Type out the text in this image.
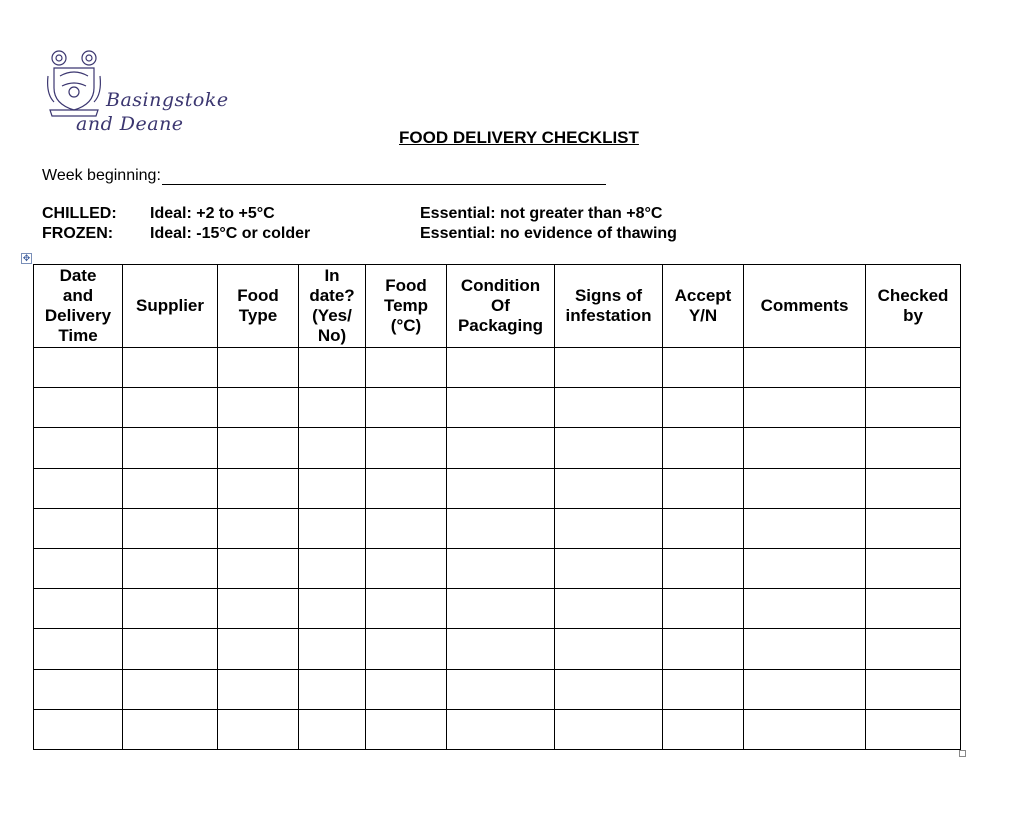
Basingstoke
and Deane
FOOD DELIVERY CHECKLIST
Week beginning:
CHILLED: Ideal: +2 to +5°C	Essential: not greater than +8°C
FROZEN: Ideal: -15°C or colder	Essential: no evidence of thawing
✥
Date
and
Delivery
Time	Supplier	Food
Type	In
date?
(Yes/
No)	Food
Temp
(°C)	Condition
Of
Packaging	Signs of
infestation	Accept
Y/N	Comments	Checked
by
